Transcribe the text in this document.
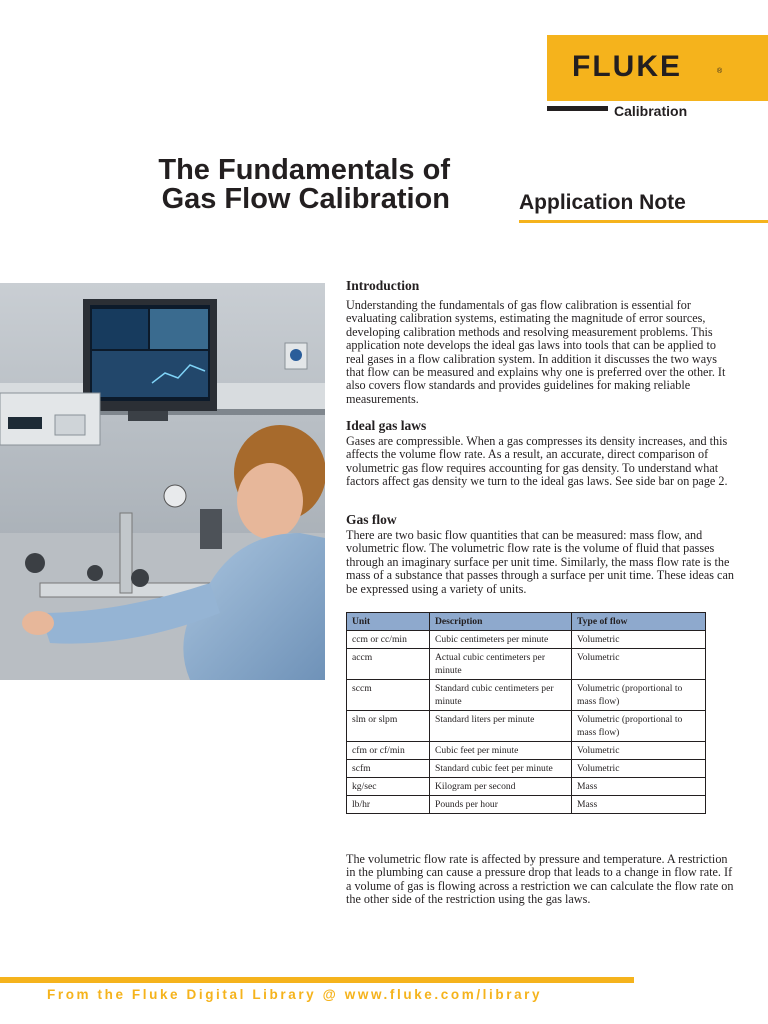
FLUKE	®
Calibration
The Fundamentals of
Gas Flow Calibration	Application Note
Introduction

Understanding the fundamentals of gas flow calibration is essential for evaluating calibration systems, estimating the magnitude of error sources, developing calibration methods and resolving measurement problems. This application note develops the ideal gas laws into tools that can be applied to real gases in a flow calibration system. In addition it discusses the two ways that flow can be measured and explains why one is preferred over the other. It also covers flow standards and provides guidelines for making reliable measurements.

Ideal gas laws

Gases are compressible. When a gas compresses its density increases, and this affects the volume flow rate. As a result, an accurate, direct comparison of volumetric gas flow requires accounting for gas density. To understand what factors affect gas density we turn to the ideal gas laws. See side bar on page 2.

Gas flow

There are two basic flow quantities that can be measured: mass flow, and volumetric flow. The volumetric flow rate is the volume of fluid that passes through an imaginary surface per unit time. Similarly, the mass flow rate is the mass of a substance that passes through a surface per unit time. These ideas can be expressed using a variety of units.

Unit	Description	Type of flow
ccm or cc/min	Cubic centimeters per minute	Volumetric
accm	Actual cubic centimeters per minute	Volumetric
sccm	Standard cubic centimeters per minute	Volumetric (proportional to mass flow)
slm or slpm	Standard liters per minute	Volumetric (proportional to mass flow)
cfm or cf/min	Cubic feet per minute	Volumetric
scfm	Standard cubic feet per minute	Volumetric
kg/sec	Kilogram per second	Mass
lb/hr	Pounds per hour	Mass

The volumetric flow rate is affected by pressure and temperature. A restriction in the plumbing can cause a pressure drop that leads to a change in flow rate. If a volume of gas is flowing across a restriction we can calculate the flow rate on the other side of the restriction using the gas laws.

From the Fluke Digital Library @ www.fluke.com/library
